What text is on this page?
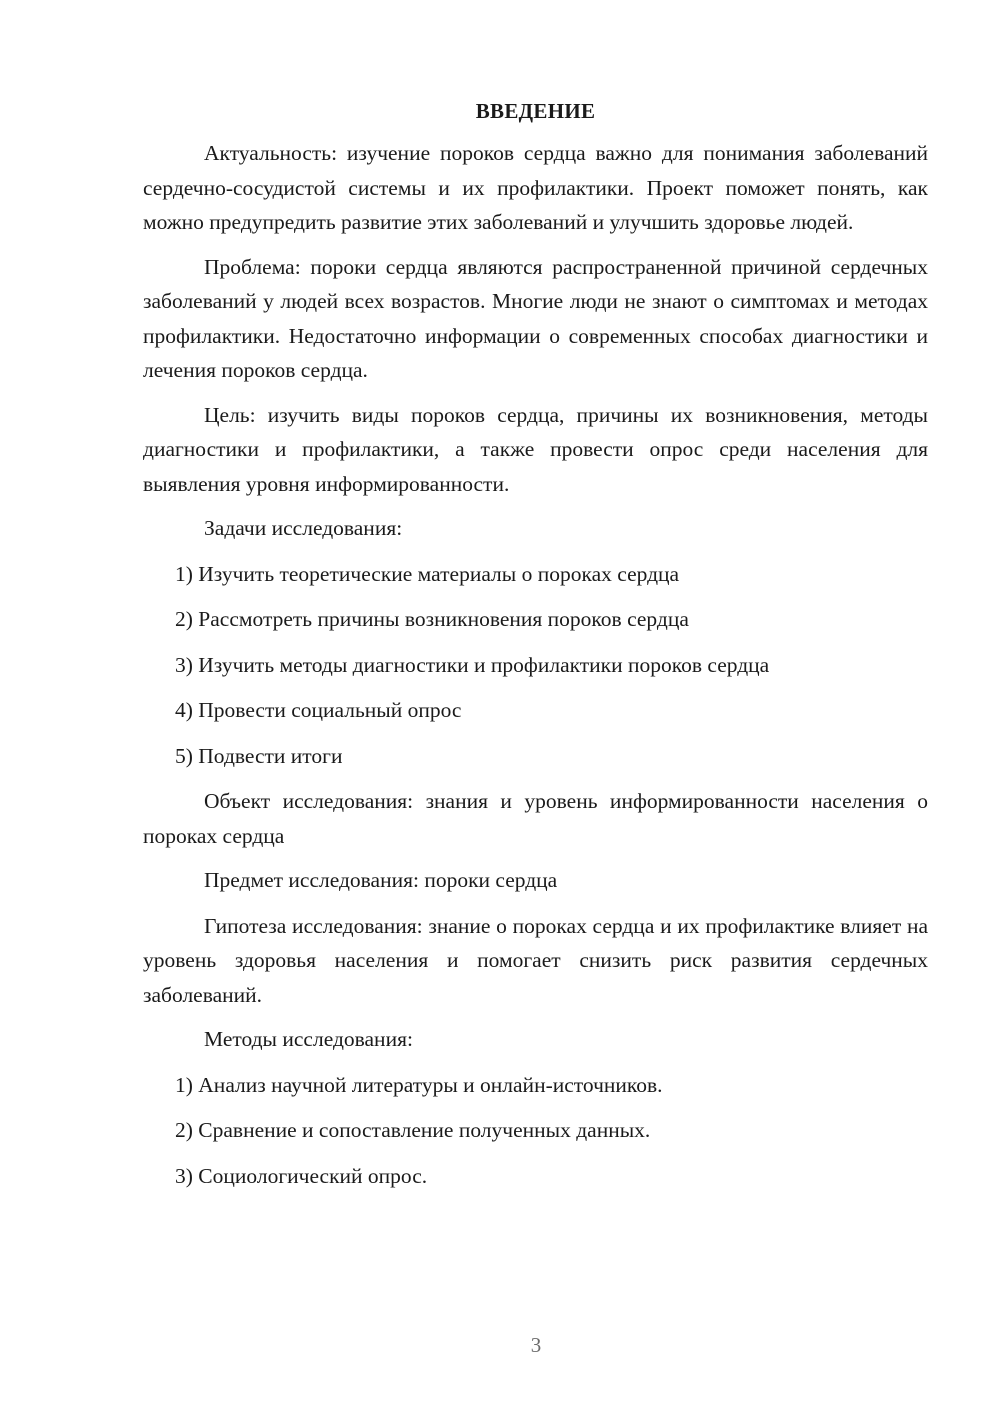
ВВЕДЕНИЕ

Актуальность: изучение пороков сердца важно для понимания заболеваний сердечно-сосудистой системы и их профилактики. Проект поможет понять, как можно предупредить развитие этих заболеваний и улучшить здоровье людей.

Проблема: пороки сердца являются распространенной причиной сердечных заболеваний у людей всех возрастов. Многие люди не знают о симптомах и методах профилактики. Недостаточно информации о современных способах диагностики и лечения пороков сердца.

Цель: изучить виды пороков сердца, причины их возникновения, методы диагностики и профилактики, а также провести опрос среди населения для выявления уровня информированности.

Задачи исследования:

1) Изучить теоретические материалы о пороках сердца
2) Рассмотреть причины возникновения пороков сердца
3) Изучить методы диагностики и профилактики пороков сердца
4) Провести социальный опрос
5) Подвести итоги

Объект исследования: знания и уровень информированности населения о пороках сердца

Предмет исследования: пороки сердца

Гипотеза исследования: знание о пороках сердца и их профилактике влияет на уровень здоровья населения и помогает снизить риск развития сердечных заболеваний.

Методы исследования:

1) Анализ научной литературы и онлайн-источников.
2) Сравнение и сопоставление полученных данных.
3) Социологический опрос.
3
